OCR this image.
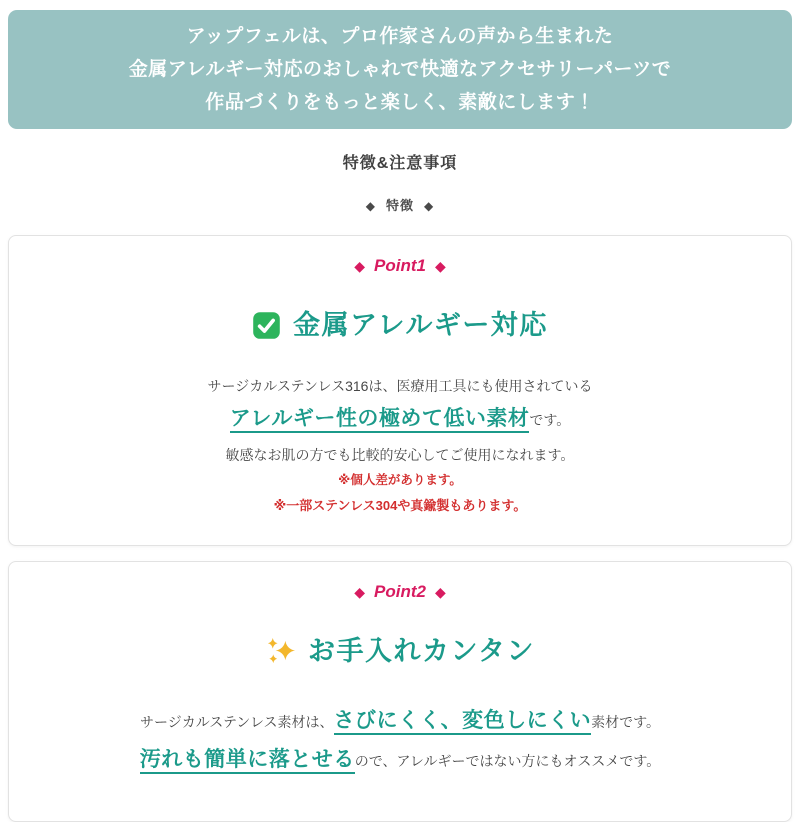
アップフェルは、プロ作家さんの声から生まれた
金属アレルギー対応のおしゃれで快適なアクセサリーパーツで
作品づくりをもっと楽しく、素敵にします！
特徴&注意事項
◆ 特徴 ◆
◆ Point1 ◆
金属アレルギー対応
サージカルステンレス316は、医療用工具にも使用されている
アレルギー性の極めて低い素材です。
敏感なお肌の方でも比較的安心してご使用になれます。
※個人差があります。
※一部ステンレス304や真鍮製もあります。
◆ Point2 ◆
お手入れカンタン
サージカルステンレス素材は、さびにくく、変色しにくい素材です。
汚れも簡単に落とせるので、アレルギーではない方にもオススメです。
